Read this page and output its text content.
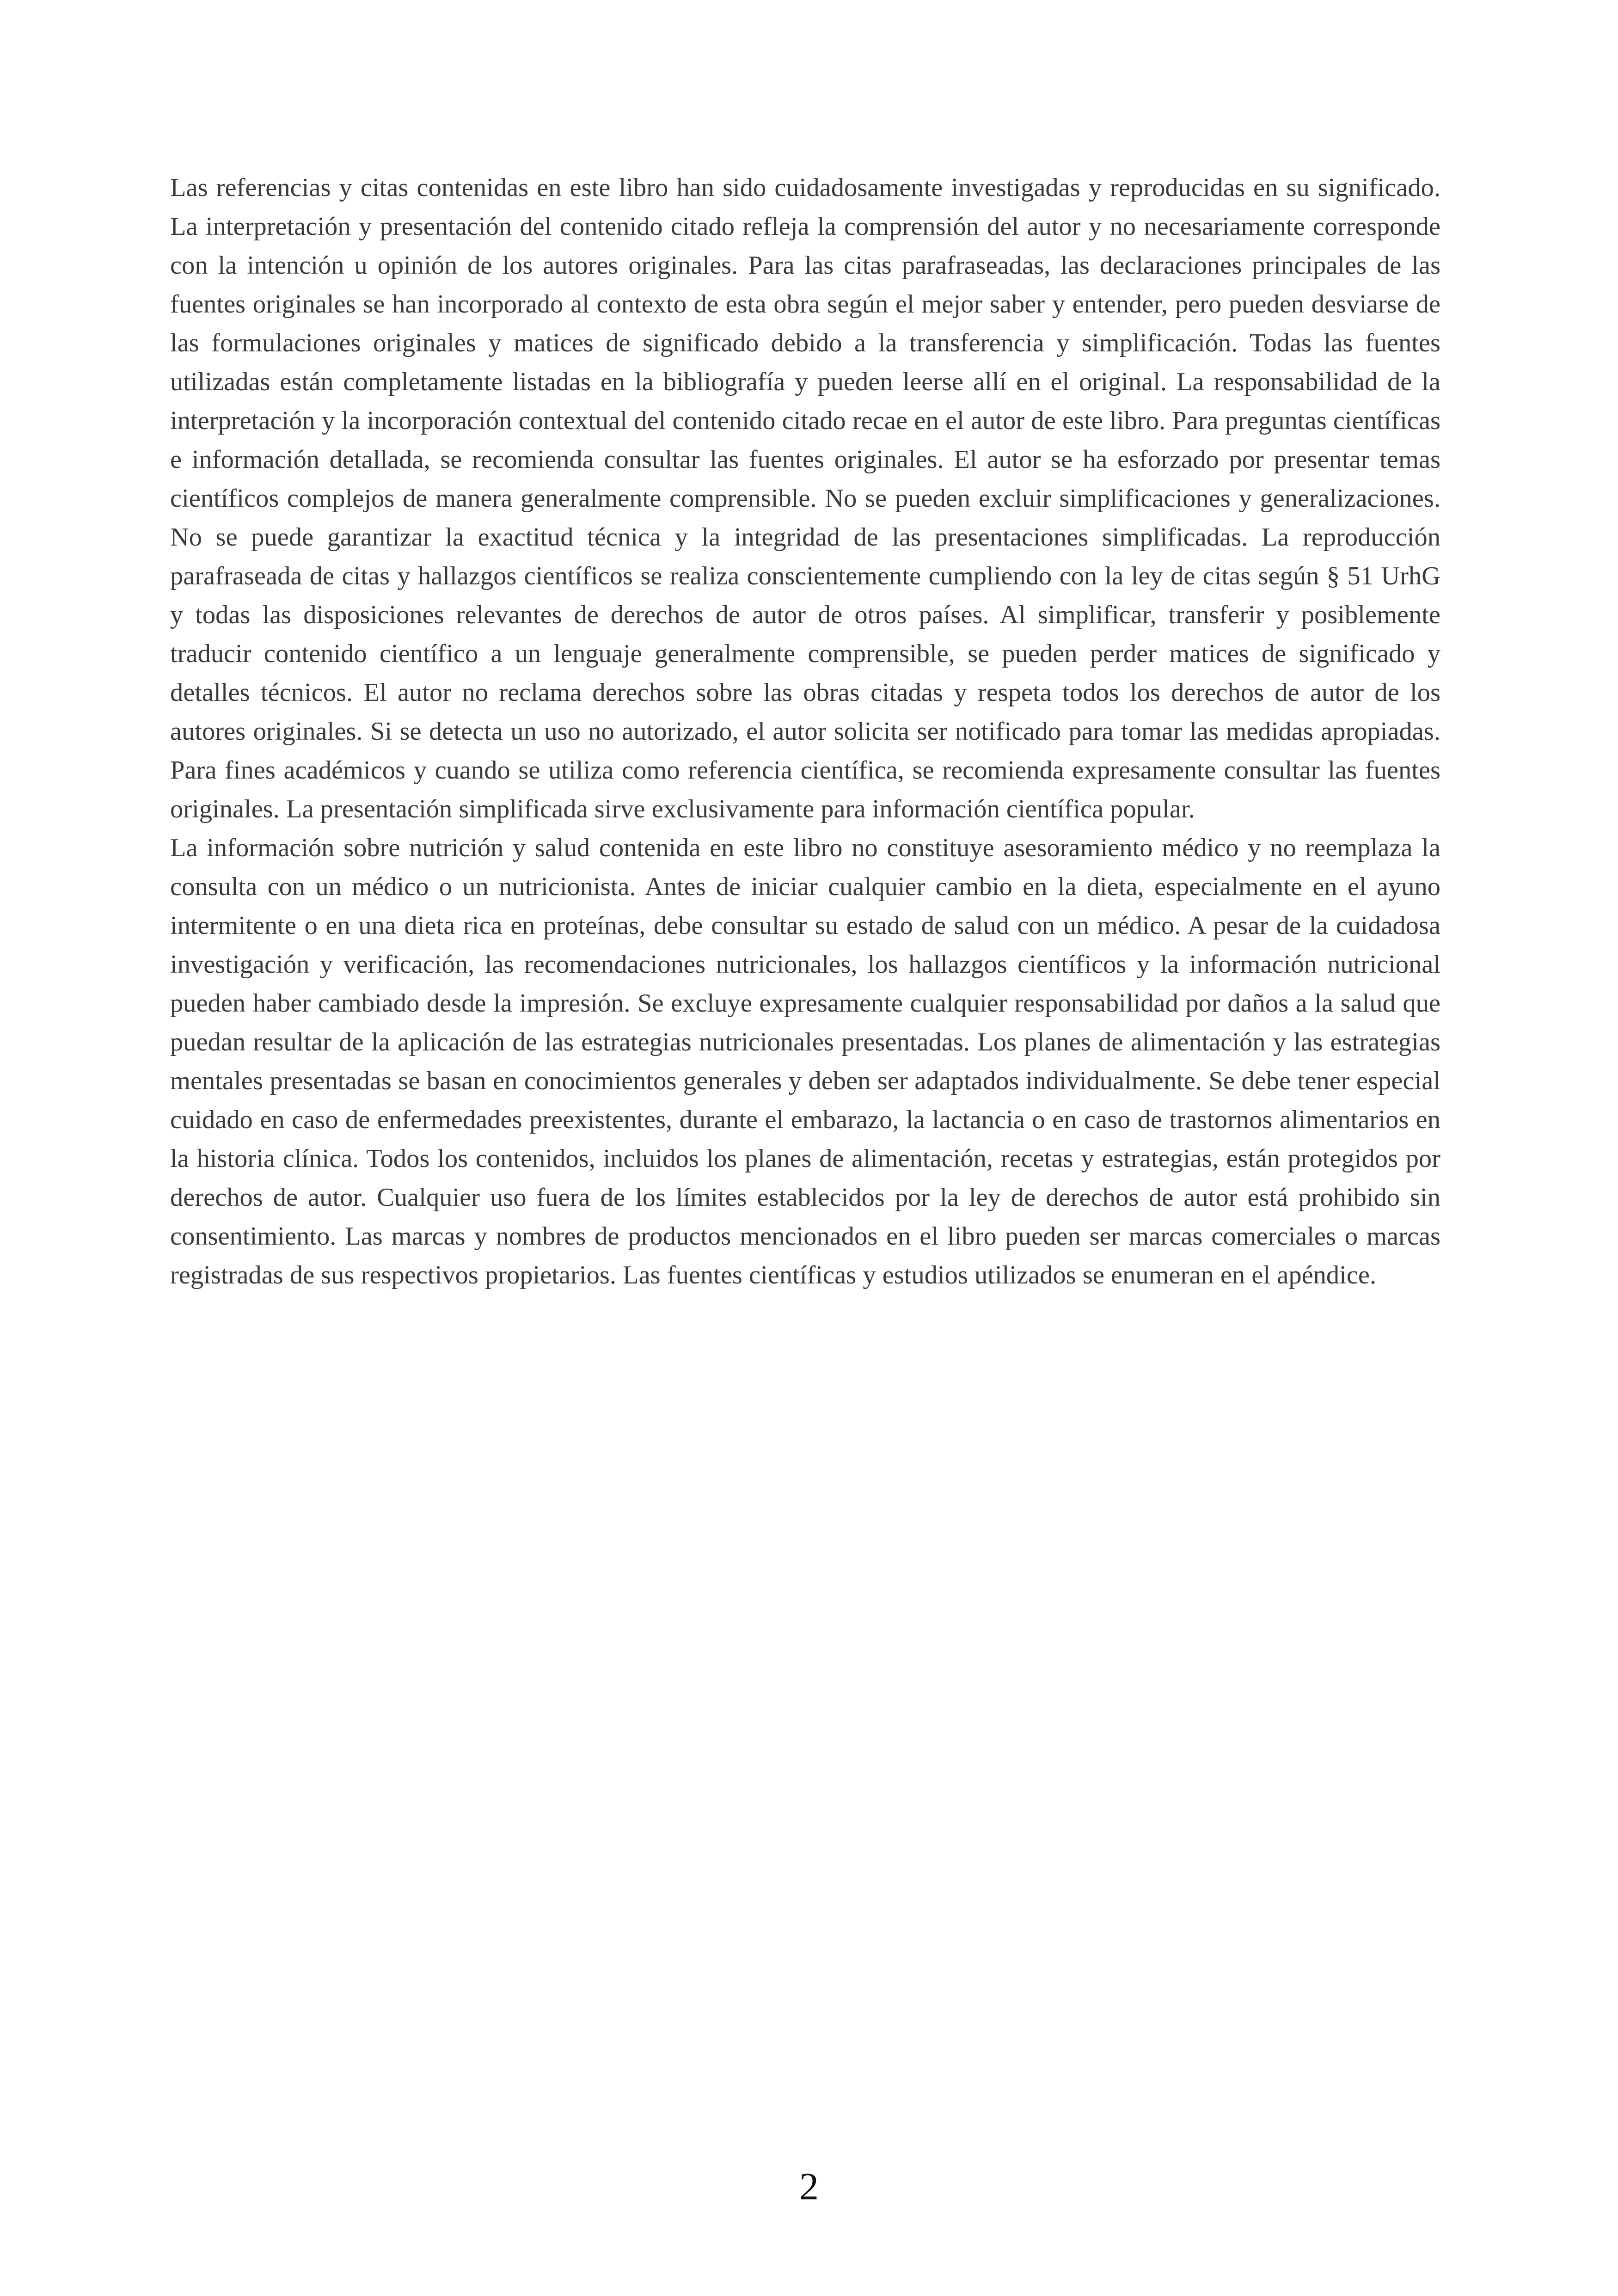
Las referencias y citas contenidas en este libro han sido cuidadosamente investigadas y reproducidas en su significado. La interpretación y presentación del contenido citado refleja la comprensión del autor y no necesariamente corresponde con la intención u opinión de los autores originales. Para las citas parafraseadas, las declaraciones principales de las fuentes originales se han incorporado al contexto de esta obra según el mejor saber y entender, pero pueden desviarse de las formulaciones originales y matices de significado debido a la transferencia y simplificación. Todas las fuentes utilizadas están completamente listadas en la bibliografía y pueden leerse allí en el original. La responsabilidad de la interpretación y la incorporación contextual del contenido citado recae en el autor de este libro. Para preguntas científicas e información detallada, se recomienda consultar las fuentes originales. El autor se ha esforzado por presentar temas científicos complejos de manera generalmente comprensible. No se pueden excluir simplificaciones y generalizaciones. No se puede garantizar la exactitud técnica y la integridad de las presentaciones simplificadas. La reproducción parafraseada de citas y hallazgos científicos se realiza conscientemente cumpliendo con la ley de citas según § 51 UrhG y todas las disposiciones relevantes de derechos de autor de otros países. Al simplificar, transferir y posiblemente traducir contenido científico a un lenguaje generalmente comprensible, se pueden perder matices de significado y detalles técnicos. El autor no reclama derechos sobre las obras citadas y respeta todos los derechos de autor de los autores originales. Si se detecta un uso no autorizado, el autor solicita ser notificado para tomar las medidas apropiadas. Para fines académicos y cuando se utiliza como referencia científica, se recomienda expresamente consultar las fuentes originales. La presentación simplificada sirve exclusivamente para información científica popular.

La información sobre nutrición y salud contenida en este libro no constituye asesoramiento médico y no reemplaza la consulta con un médico o un nutricionista. Antes de iniciar cualquier cambio en la dieta, especialmente en el ayuno intermitente o en una dieta rica en proteínas, debe consultar su estado de salud con un médico. A pesar de la cuidadosa investigación y verificación, las recomendaciones nutricionales, los hallazgos científicos y la información nutricional pueden haber cambiado desde la impresión. Se excluye expresamente cualquier responsabilidad por daños a la salud que puedan resultar de la aplicación de las estrategias nutricionales presentadas. Los planes de alimentación y las estrategias mentales presentadas se basan en conocimientos generales y deben ser adaptados individualmente. Se debe tener especial cuidado en caso de enfermedades preexistentes, durante el embarazo, la lactancia o en caso de trastornos alimentarios en la historia clínica. Todos los contenidos, incluidos los planes de alimentación, recetas y estrategias, están protegidos por derechos de autor. Cualquier uso fuera de los límites establecidos por la ley de derechos de autor está prohibido sin consentimiento. Las marcas y nombres de productos mencionados en el libro pueden ser marcas comerciales o marcas registradas de sus respectivos propietarios. Las fuentes científicas y estudios utilizados se enumeran en el apéndice.

2
